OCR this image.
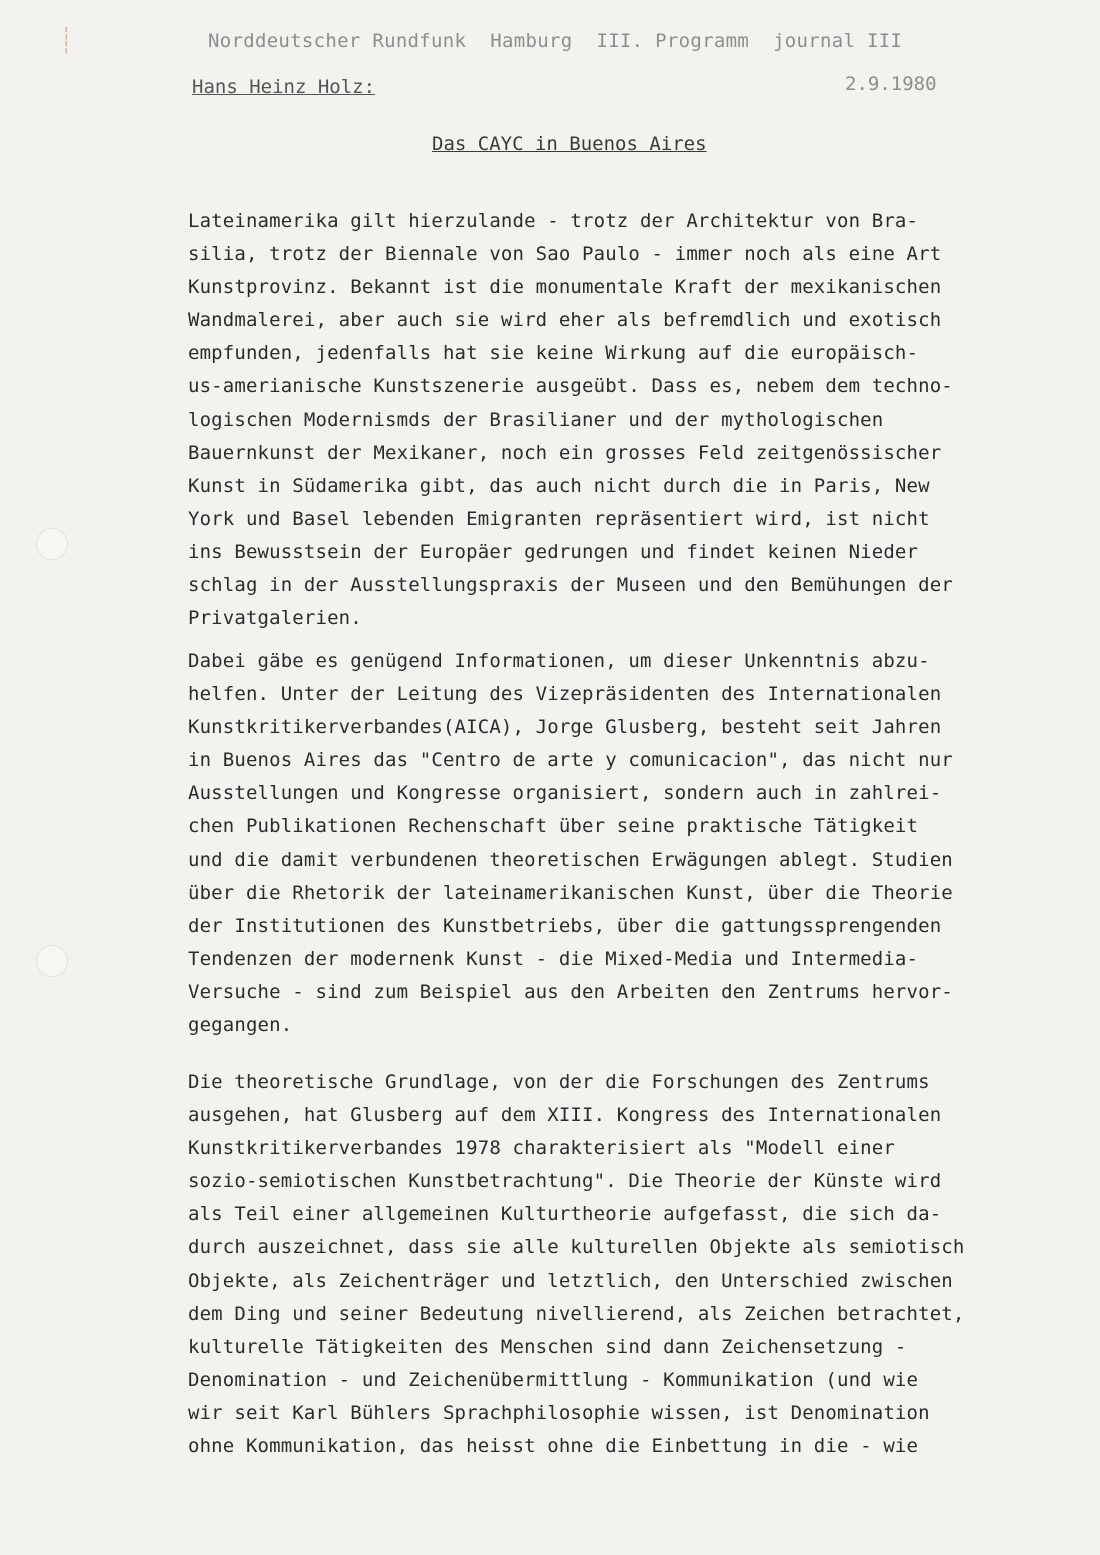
¦
¦	Norddeutscher Rundfunk Hamburg III. Programm journal III
Hans Heinz Holz:	2.9.1980
Das CAYC in Buenos Aires
Lateinamerika gilt hierzulande - trotz der Architektur von Bra-
silia, trotz der Biennale von Sao Paulo - immer noch als eine Art
Kunstprovinz. Bekannt ist die monumentale Kraft der mexikanischen
Wandmalerei, aber auch sie wird eher als befremdlich und exotisch
empfunden, jedenfalls hat sie keine Wirkung auf die europäisch-
us-amerianische Kunstszenerie ausgeübt. Dass es, nebem dem techno-
logischen Modernismds der Brasilianer und der mythologischen
Bauernkunst der Mexikaner, noch ein grosses Feld zeitgenössischer
Kunst in Südamerika gibt, das auch nicht durch die in Paris, New
York und Basel lebenden Emigranten repräsentiert wird, ist nicht
ins Bewusstsein der Europäer gedrungen und findet keinen Nieder
schlag in der Ausstellungspraxis der Museen und den Bemühungen der
Privatgalerien.
Dabei gäbe es genügend Informationen, um dieser Unkenntnis abzu-
helfen. Unter der Leitung des Vizepräsidenten des Internationalen
Kunstkritikerverbandes(AICA), Jorge Glusberg, besteht seit Jahren
in Buenos Aires das "Centro de arte y comunicacion", das nicht nur
Ausstellungen und Kongresse organisiert, sondern auch in zahlrei-
chen Publikationen Rechenschaft über seine praktische Tätigkeit
und die damit verbundenen theoretischen Erwägungen ablegt. Studien
über die Rhetorik der lateinamerikanischen Kunst, über die Theorie
der Institutionen des Kunstbetriebs, über die gattungssprengenden
Tendenzen der modernenk Kunst - die Mixed-Media und Intermedia-
Versuche - sind zum Beispiel aus den Arbeiten den Zentrums hervor-
gegangen.
Die theoretische Grundlage, von der die Forschungen des Zentrums
ausgehen, hat Glusberg auf dem XIII. Kongress des Internationalen
Kunstkritikerverbandes 1978 charakterisiert als "Modell einer
sozio-semiotischen Kunstbetrachtung". Die Theorie der Künste wird
als Teil einer allgemeinen Kulturtheorie aufgefasst, die sich da-
durch auszeichnet, dass sie alle kulturellen Objekte als semiotisch
Objekte, als Zeichenträger und letztlich, den Unterschied zwischen
dem Ding und seiner Bedeutung nivellierend, als Zeichen betrachtet,
kulturelle Tätigkeiten des Menschen sind dann Zeichensetzung -
Denomination - und Zeichenübermittlung - Kommunikation (und wie
wir seit Karl Bühlers Sprachphilosophie wissen, ist Denomination
ohne Kommunikation, das heisst ohne die Einbettung in die - wie
